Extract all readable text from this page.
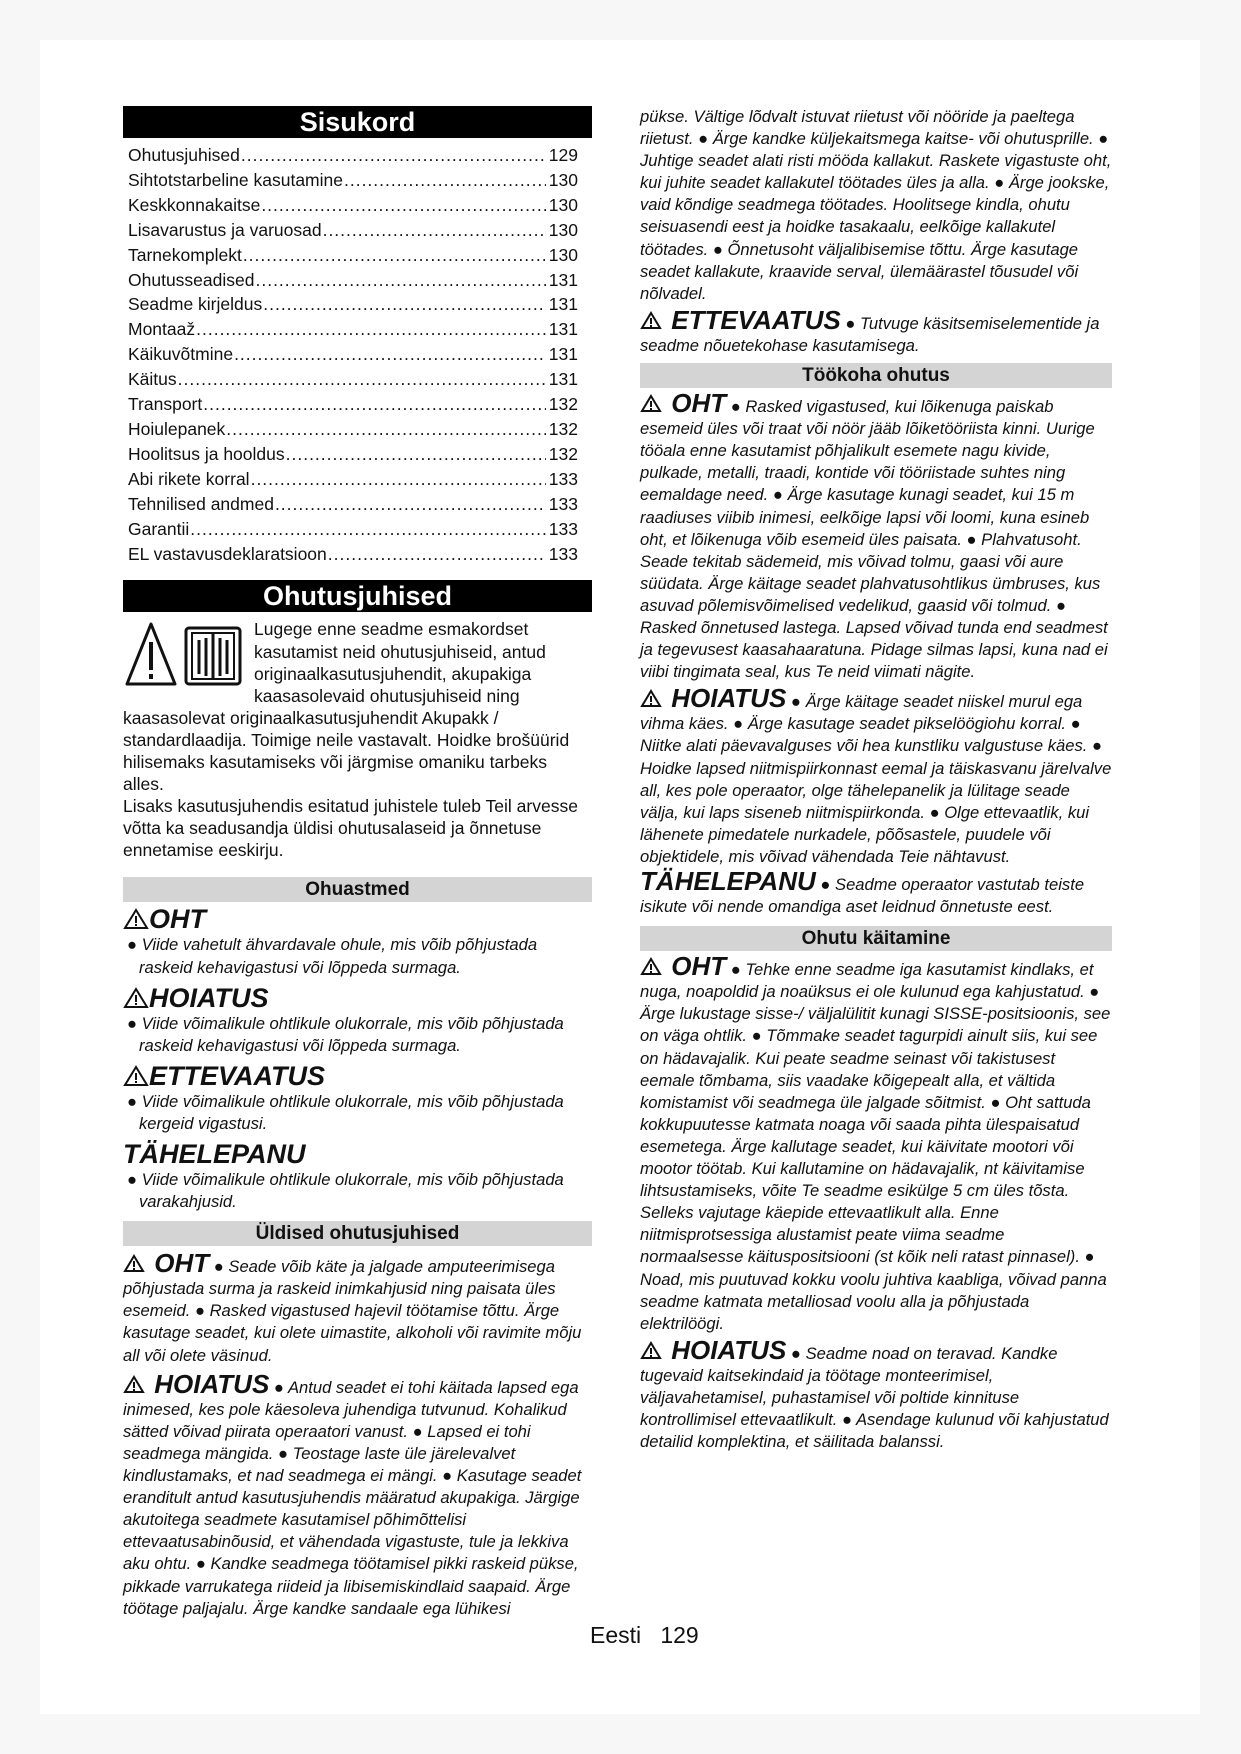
Sisukord
Ohutusjuhised .....	129
Sihtotstarbeline kasutamine .....	130
Keskkonnakaitse .....	130
Lisavarustus ja varuosad .....	130
Tarnekomplekt .....	130
Ohutusseadised .....	131
Seadme kirjeldus .....	131
Montaaž .....	131
Käikuvõtmine .....	131
Käitus .....	131
Transport .....	132
Hoiulepanek .....	132
Hoolitsus ja hooldus .....	132
Abi rikete korral .....	133
Tehnilised andmed .....	133
Garantii .....	133
EL vastavusdeklaratsioon .....	133
Ohutusjuhised
Lugege enne seadme esmakordset kasutamist neid ohutusjuhiseid, antud originaalkasutusjuhendit, akupakiga kaasasolevaid ohutusjuhiseid ning kaasasolevat originaalkasutusjuhendit Akupakk / standardlaadija. Toimige neile vastavalt. Hoidke brošüürid hilisemaks kasutamiseks või järgmise omaniku tarbeks alles.
Lisaks kasutusjuhendis esitatud juhistele tuleb Teil arvesse võtta ka seadusandja üldisi ohutusalaseid ja õnnetuse ennetamise eeskirju.
Ohuastmed
OHT
● Viide vahetult ähvardavale ohule, mis võib põhjustada raskeid kehavigastusi või lõppeda surmaga.
HOIATUS
● Viide võimalikule ohtlikule olukorrale, mis võib põhjustada raskeid kehavigastusi või lõppeda surmaga.
ETTEVAATUS
● Viide võimalikule ohtlikule olukorrale, mis võib põhjustada kergeid vigastusi.
TÄHELEPANU
● Viide võimalikule ohtlikule olukorrale, mis võib põhjustada varakahjusid.
Üldised ohutusjuhised
OHT ● Seade võib käte ja jalgade amputeerimisega põhjustada surma ja raskeid inimkahjusid ning paisata üles esemeid. ● Rasked vigastused hajevil töötamise tõttu. Ärge kasutage seadet, kui olete uimastite, alkoholi või ravimite mõju all või olete väsinud.
HOIATUS ● Antud seadet ei tohi käitada lapsed ega inimesed, kes pole käesoleva juhendiga tutvunud. Kohalikud sätted võivad piirata operaatori vanust. ● Lapsed ei tohi seadmega mängida. ● Teostage laste üle järelevalvet kindlustamaks, et nad seadmega ei mängi. ● Kasutage seadet eranditult antud kasutusjuhendis määratud akupakiga. Järgige akutoitega seadmete kasutamisel põhimõttelisi ettevaatusabinõusid, et vähendada vigastuste, tule ja lekkiva aku ohtu. ● Kandke seadmega töötamisel pikki raskeid pükse, pikkade varrukatega riideid ja libisemiskindlaid saapaid. Ärge töötage paljajalu. Ärge kandke sandaale ega lühikesi
pükse. Vältige lõdvalt istuvat riietust või nööride ja paeltega riietust. ● Ärge kandke küljekaitsmega kaitse- või ohutusprille. ● Juhtige seadet alati risti mööda kallakut. Raskete vigastuste oht, kui juhite seadet kallakutel töötades üles ja alla. ● Ärge jookske, vaid kõndige seadmega töötades. Hoolitsege kindla, ohutu seisuasendi eest ja hoidke tasakaalu, eelkõige kallakutel töötades. ● Õnnetusoht väljalibisemise tõttu. Ärge kasutage seadet kallakute, kraavide serval, ülemäärastel tõusudel või nõlvadel.
ETTEVAATUS ● Tutvuge käsitsemiselementide ja seadme nõuetekohase kasutamisega.
Töökoha ohutus
OHT ● Rasked vigastused, kui lõikenuga paiskab esemeid üles või traat või nöör jääb lõiketööriista kinni. Uurige tööala enne kasutamist põhjalikult esemete nagu kivide, pulkade, metalli, traadi, kontide või tööriistade suhtes ning eemaldage need. ● Ärge kasutage kunagi seadet, kui 15 m raadiuses viibib inimesi, eelkõige lapsi või loomi, kuna esineb oht, et lõikenuga võib esemeid üles paisata. ● Plahvatusoht. Seade tekitab sädemeid, mis võivad tolmu, gaasi või aure süüdata. Ärge käitage seadet plahvatusohtlikus ümbruses, kus asuvad põlemisvõimelised vedelikud, gaasid või tolmud. ● Rasked õnnetused lastega. Lapsed võivad tunda end seadmest ja tegevusest kaasahaaratuna. Pidage silmas lapsi, kuna nad ei viibi tingimata seal, kus Te neid viimati nägite.
HOIATUS ● Ärge käitage seadet niiskel murul ega vihma käes. ● Ärge kasutage seadet pikselöögiohu korral. ● Niitke alati päevavalguses või hea kunstliku valgustuse käes. ● Hoidke lapsed niitmispiirkonnast eemal ja täiskasvanu järelvalve all, kes pole operaator, olge tähelepanelik ja lülitage seade välja, kui laps siseneb niitmispiirkonda. ● Olge ettevaatlik, kui lähenete pimedatele nurkadele, põõsastele, puudele või objektidele, mis võivad vähendada Teie nähtavust.
TÄHELEPANU ● Seadme operaator vastutab teiste isikute või nende omandiga aset leidnud õnnetuste eest.
Ohutu käitamine
OHT ● Tehke enne seadme iga kasutamist kindlaks, et nuga, noapoldid ja noaüksus ei ole kulunud ega kahjustatud. ● Ärge lukustage sisse-/ väljalülitit kunagi SISSE-positsioonis, see on väga ohtlik. ● Tõmmake seadet tagurpidi ainult siis, kui see on hädavajalik. Kui peate seadme seinast või takistusest eemale tõmbama, siis vaadake kõigepealt alla, et vältida komistamist või seadmega üle jalgade sõitmist. ● Oht sattuda kokkupuutesse katmata noaga või saada pihta ülespaisatud esemetega. Ärge kallutage seadet, kui käivitate mootori või mootor töötab. Kui kallutamine on hädavajalik, nt käivitamise lihtsustamiseks, võite Te seadme esikülge 5 cm üles tõsta. Selleks vajutage käepide ettevaatlikult alla. Enne niitmisprotsessiga alustamist peate viima seadme normaalsesse käituspositsiooni (st kõik neli ratast pinnasel). ● Noad, mis puutuvad kokku voolu juhtiva kaabliga, võivad panna seadme katmata metalliosad voolu alla ja põhjustada elektrilöögi.
HOIATUS ● Seadme noad on teravad. Kandke tugevaid kaitsekindaid ja töötage monteerimisel, väljavahetamisel, puhastamisel või poltide kinnituse kontrollimisel ettevaatlikult. ● Asendage kulunud või kahjustatud detailid komplektina, et säilitada balanssi.
Eesti 129
